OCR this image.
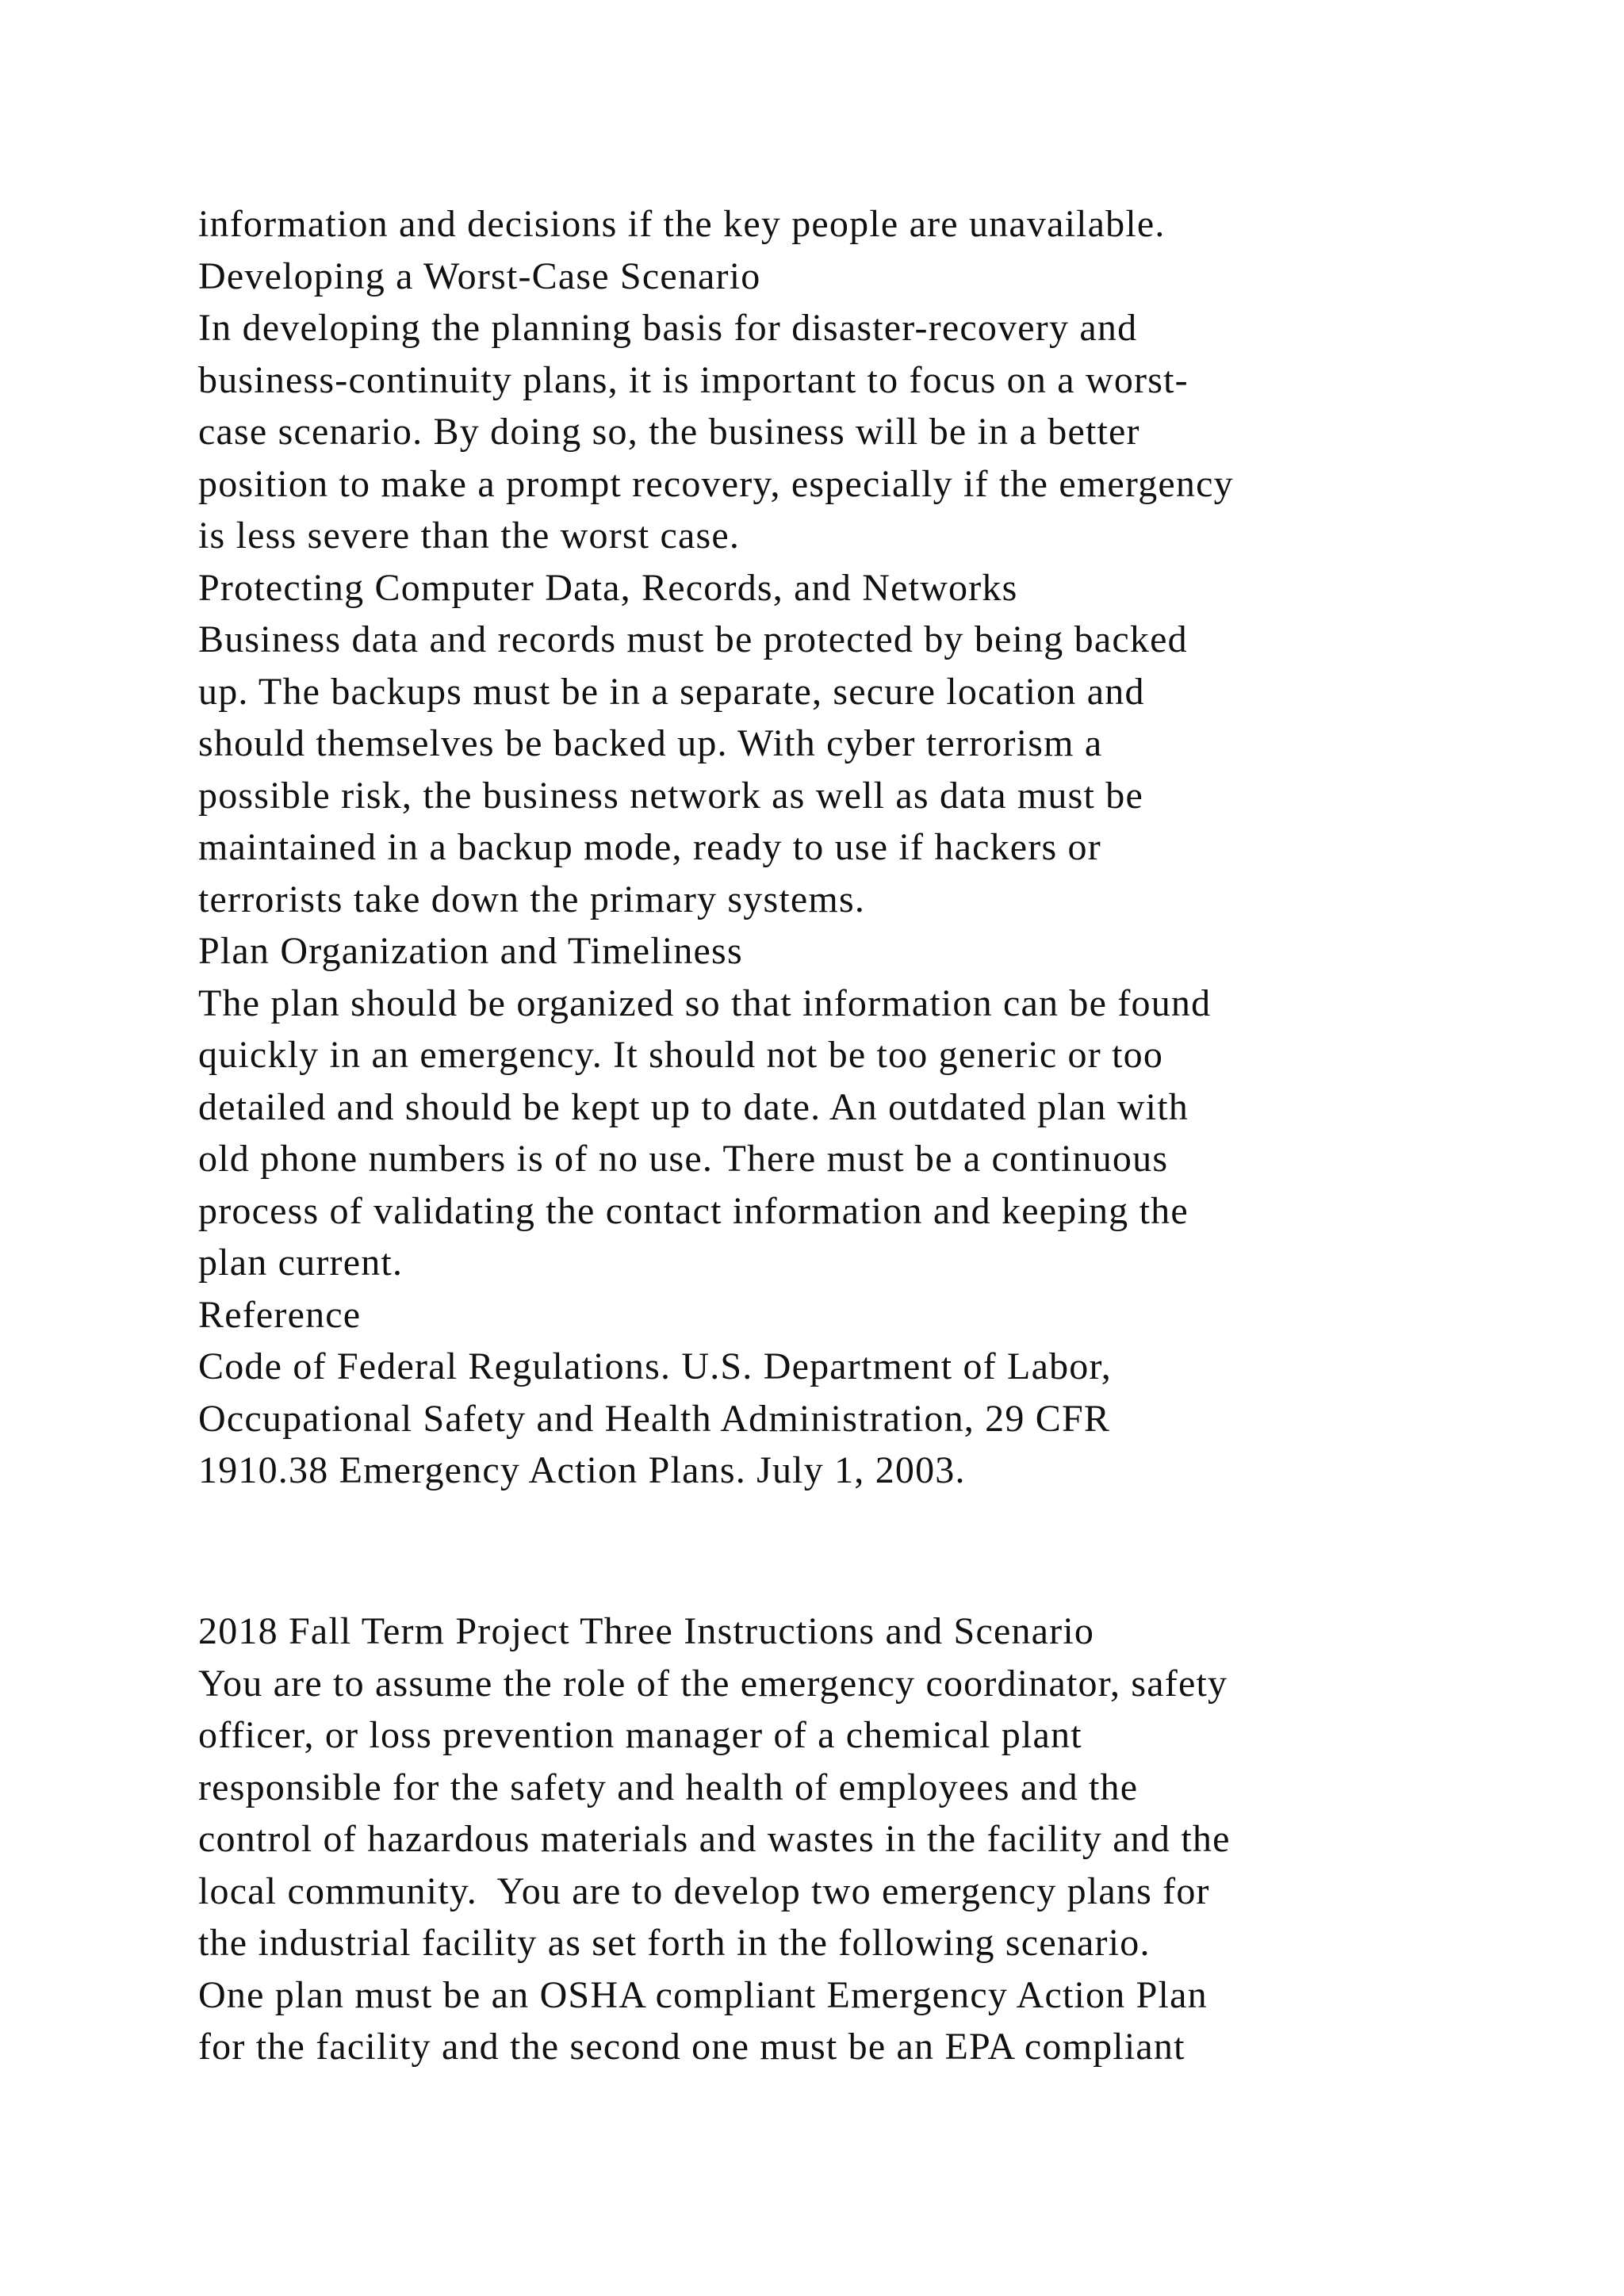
information and decisions if the key people are unavailable.
Developing a Worst-Case Scenario
In developing the planning basis for disaster-recovery and
business-continuity plans, it is important to focus on a worst-
case scenario. By doing so, the business will be in a better
position to make a prompt recovery, especially if the emergency
is less severe than the worst case.
Protecting Computer Data, Records, and Networks
Business data and records must be protected by being backed
up. The backups must be in a separate, secure location and
should themselves be backed up. With cyber terrorism a
possible risk, the business network as well as data must be
maintained in a backup mode, ready to use if hackers or
terrorists take down the primary systems.
Plan Organization and Timeliness
The plan should be organized so that information can be found
quickly in an emergency. It should not be too generic or too
detailed and should be kept up to date. An outdated plan with
old phone numbers is of no use. There must be a continuous
process of validating the contact information and keeping the
plan current.
Reference
Code of Federal Regulations. U.S. Department of Labor,
Occupational Safety and Health Administration, 29 CFR
1910.38 Emergency Action Plans. July 1, 2003.
2018 Fall Term Project Three Instructions and Scenario
You are to assume the role of the emergency coordinator, safety
officer, or loss prevention manager of a chemical plant
responsible for the safety and health of employees and the
control of hazardous materials and wastes in the facility and the
local community.  You are to develop two emergency plans for
the industrial facility as set forth in the following scenario.
One plan must be an OSHA compliant Emergency Action Plan
for the facility and the second one must be an EPA compliant
